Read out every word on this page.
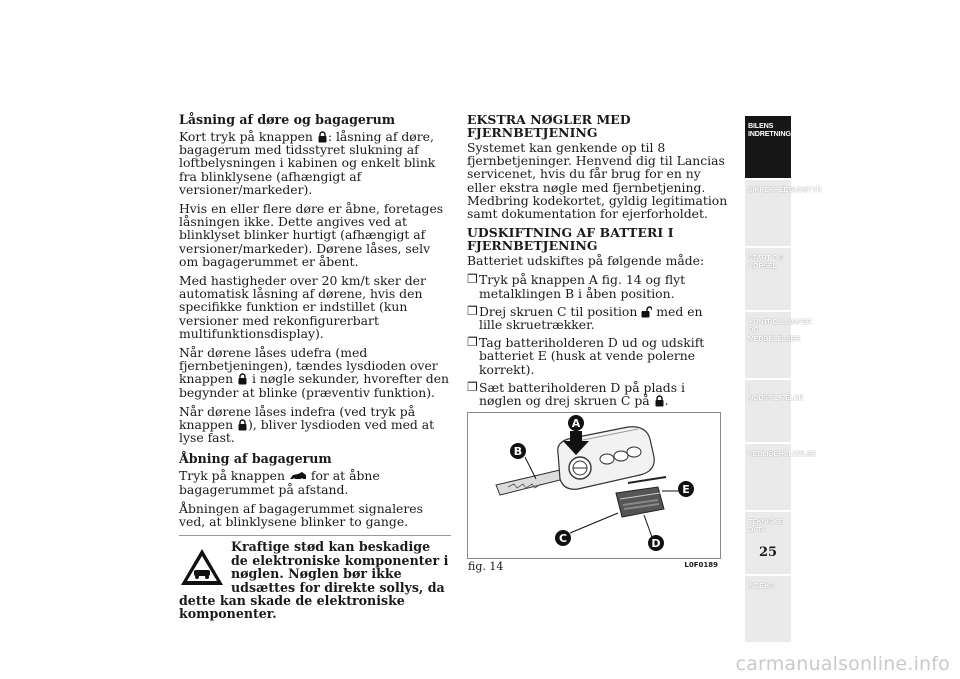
Låsning af døre og bagagerum

Kort tryk på knappen : låsning af døre, bagagerum med tidsstyret slukning af loftbelysningen i kabinen og enkelt blink fra blinklysene (afhængigt af versioner/markeder).

Hvis en eller flere døre er åbne, foretages låsningen ikke. Dette angives ved at blinklyset blinker hurtigt (afhængigt af versioner/markeder). Dørene låses, selv om bagagerummet er åbent.

Med hastigheder over 20 km/t sker der automatisk låsning af dørene, hvis den specifikke funktion er indstillet (kun versioner med rekonfigurerbart multifunktionsdisplay).

Når dørene låses udefra (med fjernbetjeningen), tændes lysdioden over knappen i nøgle sekunder, hvorefter den begynder at blinke (præventiv funktion).

Når dørene låses indefra (ved tryk på knappen ), bliver lysdioden ved med at lyse fast.

Åbning af bagagerum

Tryk på knappen for at åbne bagagerummet på afstand.

Åbningen af bagagerummet signaleres ved, at blinklysene blinker to gange.

Kraftige stød kan beskadige de elektroniske komponenter i nøglen. Nøglen bør ikke udsættes for direkte sollys, da dette kan skade de elektroniske komponenter.
EKSTRA NØGLER MED FJERNBETJENING

Systemet kan genkende op til 8 fjernbetjeninger. Henvend dig til Lancias servicenet, hvis du får brug for en ny eller ekstra nøgle med fjernbetjening. Medbring kodekortet, gyldig legitimation samt dokumentation for ejerforholdet.

UDSKIFTNING AF BATTERI I FJERNBETJENING

Batteriet udskiftes på følgende måde:

❐ Tryk på knappen A fig. 14 og flyt metalklingen B i åben position.
❐ Drej skruen C til position med en lille skruetrækker.
❐ Tag batteriholderen D ud og udskift batteriet E (husk at vende polerne korrekt).
❐ Sæt batteriholderen D på plads i nøglen og drej skruen C på .
A
B
C	D
E
fig. 14	L0F0189
BILENS INDRETNING
SIKKERHEDSUDSTYR
START OG KØRSEL
KONTROLLAMPER OG MEDDELELSER
I NØDSTILFÆLDE
VEDLIGEHOLDELSE
TEKNISKE DATA
INDEKS
25
carmanualsonline.info
